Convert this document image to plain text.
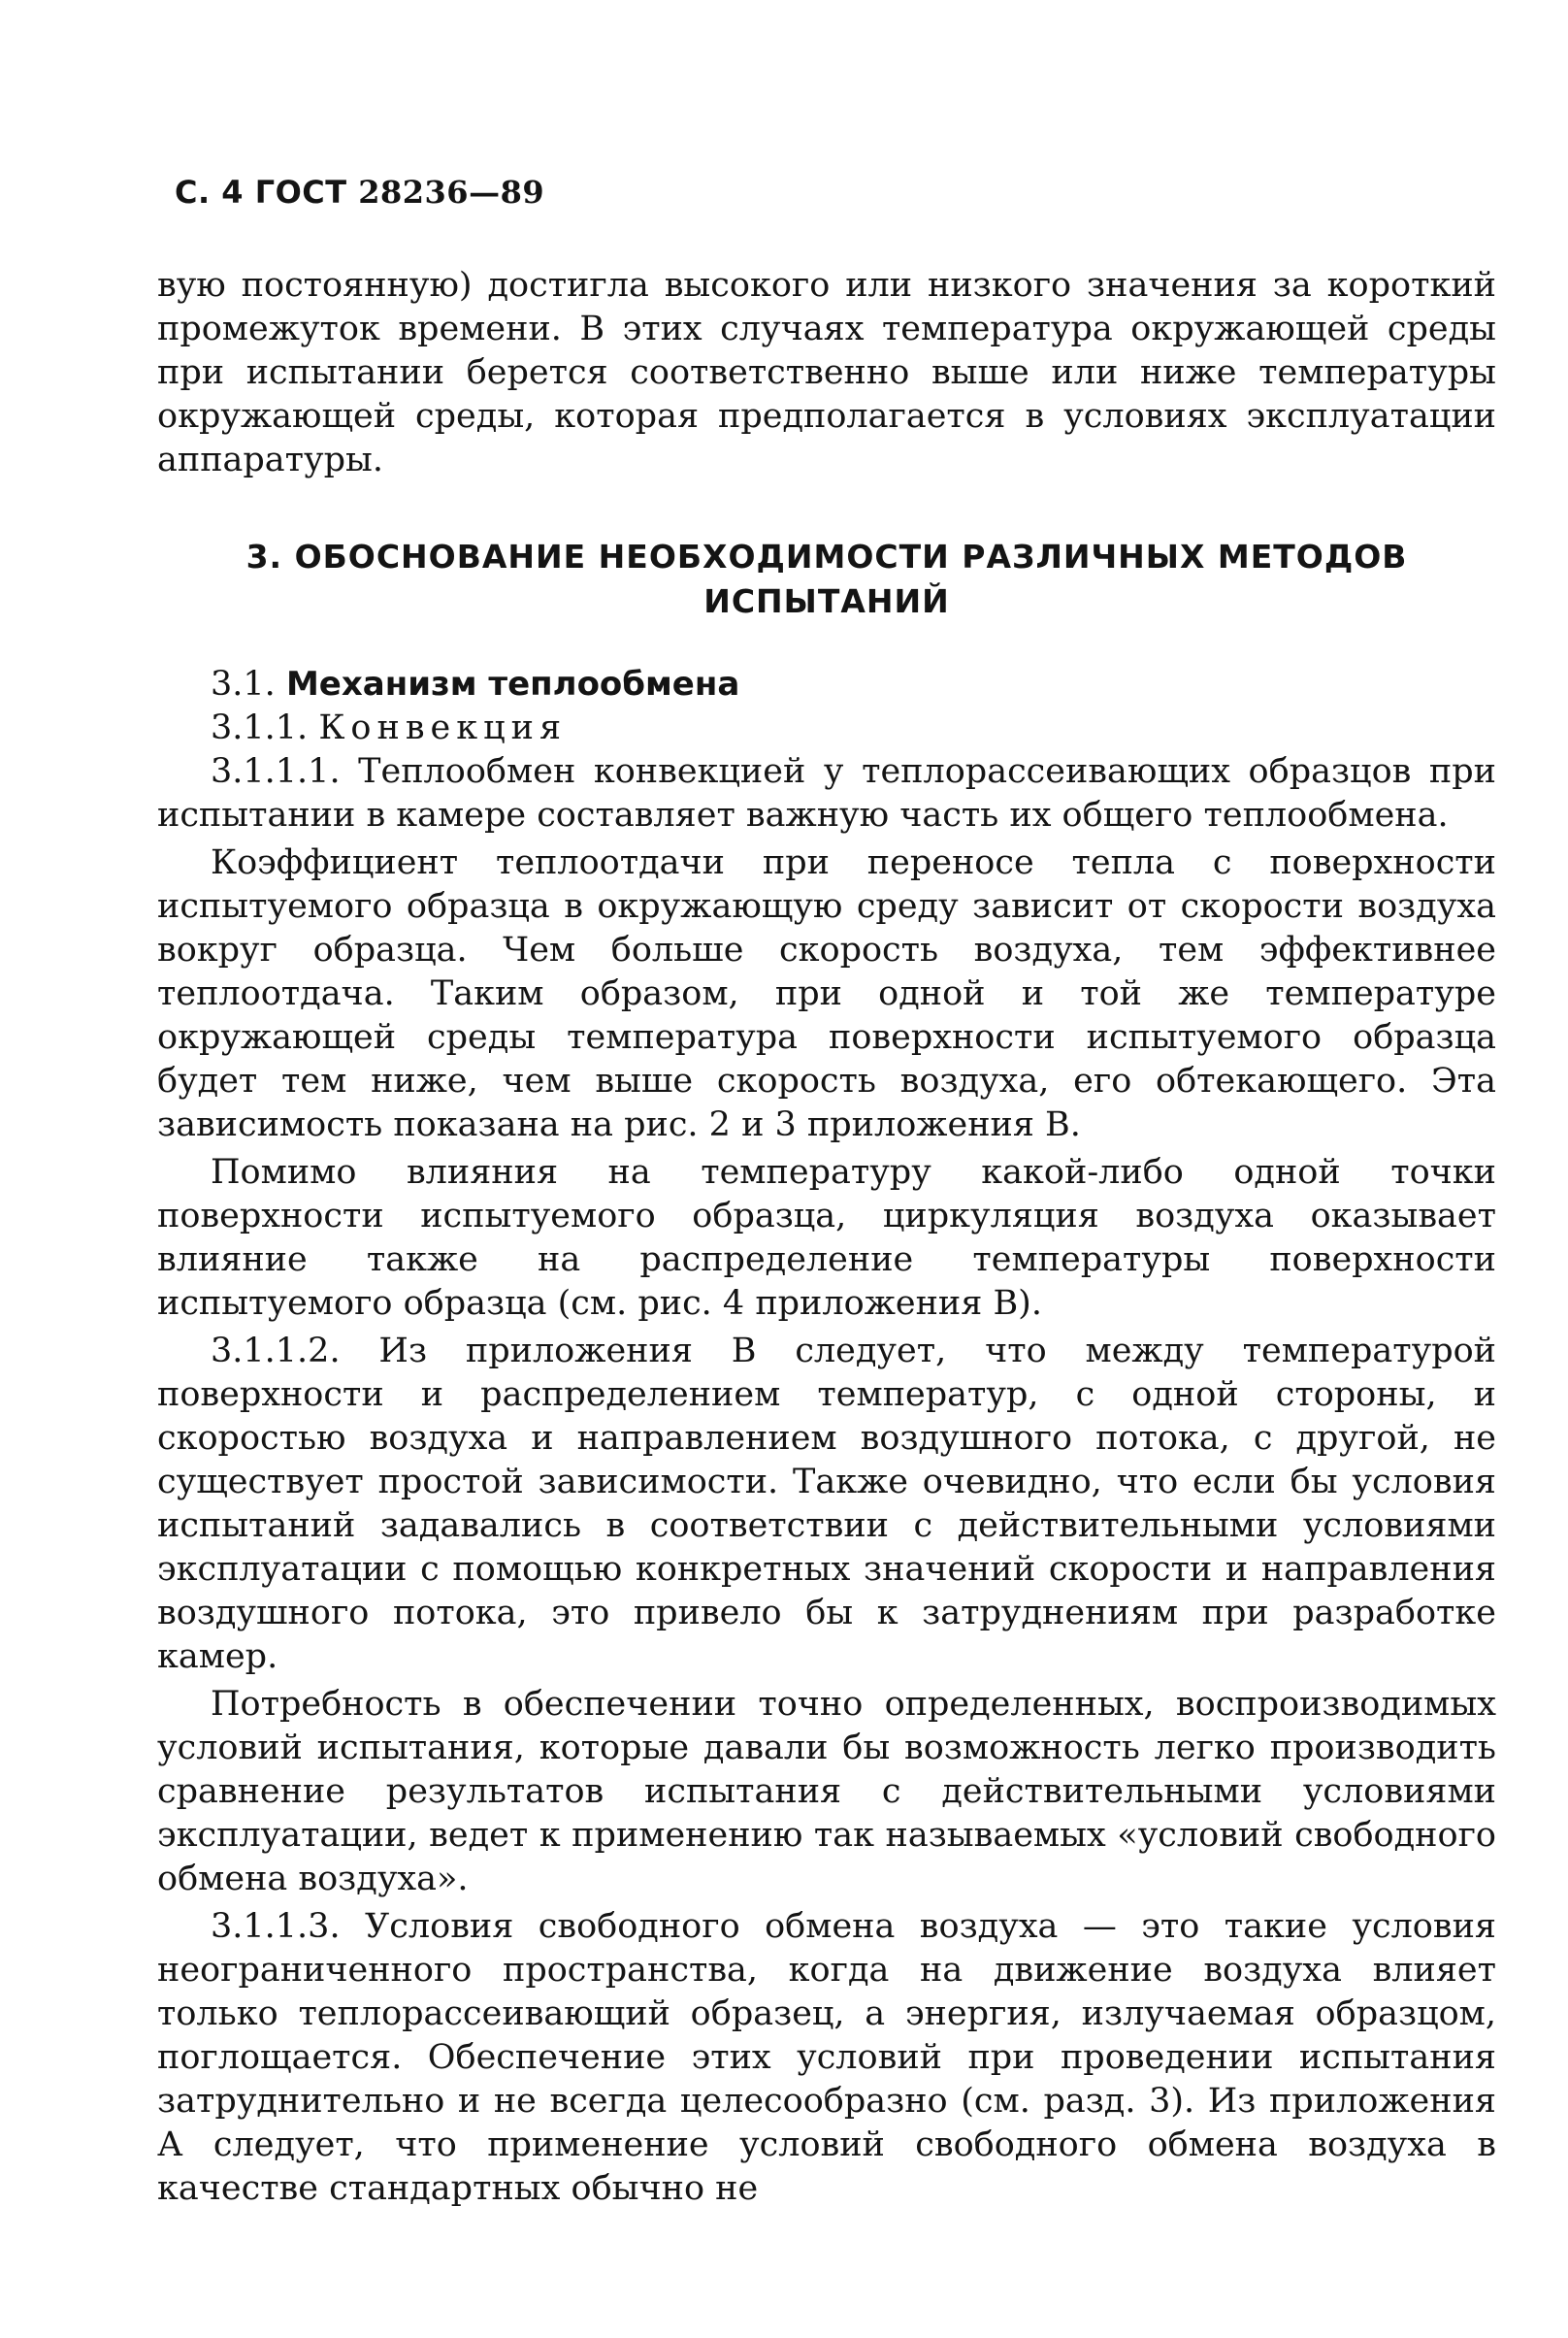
С. 4 ГОСТ 28236—89

вую постоянную) достигла высокого или низкого значения за короткий промежуток времени. В этих случаях температура окружающей среды при испытании берется соответственно выше или ниже температуры окружающей среды, которая предполагается в условиях эксплуатации аппаратуры.

3. ОБОСНОВАНИЕ НЕОБХОДИМОСТИ РАЗЛИЧНЫХ МЕТОДОВ
ИСПЫТАНИЙ

3.1. Механизм теплообмена

3.1.1. Конвекция

3.1.1.1. Теплообмен конвекцией у теплорассеивающих образцов при испытании в камере составляет важную часть их общего теплообмена.

Коэффициент теплоотдачи при переносе тепла с поверхности испытуемого образца в окружающую среду зависит от скорости воздуха вокруг образца. Чем больше скорость воздуха, тем эффективнее теплоотдача. Таким образом, при одной и той же температуре окружающей среды температура поверхности испытуемого образца будет тем ниже, чем выше скорость воздуха, его обтекающего. Эта зависимость показана на рис. 2 и 3 приложения В.

Помимо влияния на температуру какой-либо одной точки поверхности испытуемого образца, циркуляция воздуха оказывает влияние также на распределение температуры поверхности испытуемого образца (см. рис. 4 приложения В).

3.1.1.2. Из приложения В следует, что между температурой поверхности и распределением температур, с одной стороны, и скоростью воздуха и направлением воздушного потока, с другой, не существует простой зависимости. Также очевидно, что если бы условия испытаний задавались в соответствии с действительными условиями эксплуатации с помощью конкретных значений скорости и направления воздушного потока, это привело бы к затруднениям при разработке камер.

Потребность в обеспечении точно определенных, воспроизводимых условий испытания, которые давали бы возможность легко производить сравнение результатов испытания с действительными условиями эксплуатации, ведет к применению так называемых «условий свободного обмена воздуха».

3.1.1.3. Условия свободного обмена воздуха — это такие условия неограниченного пространства, когда на движение воздуха влияет только теплорассеивающий образец, а энергия, излучаемая образцом, поглощается. Обеспечение этих условий при проведении испытания затруднительно и не всегда целесообразно (см. разд. 3). Из приложения А следует, что применение условий свободного обмена воздуха в качестве стандартных обычно не
